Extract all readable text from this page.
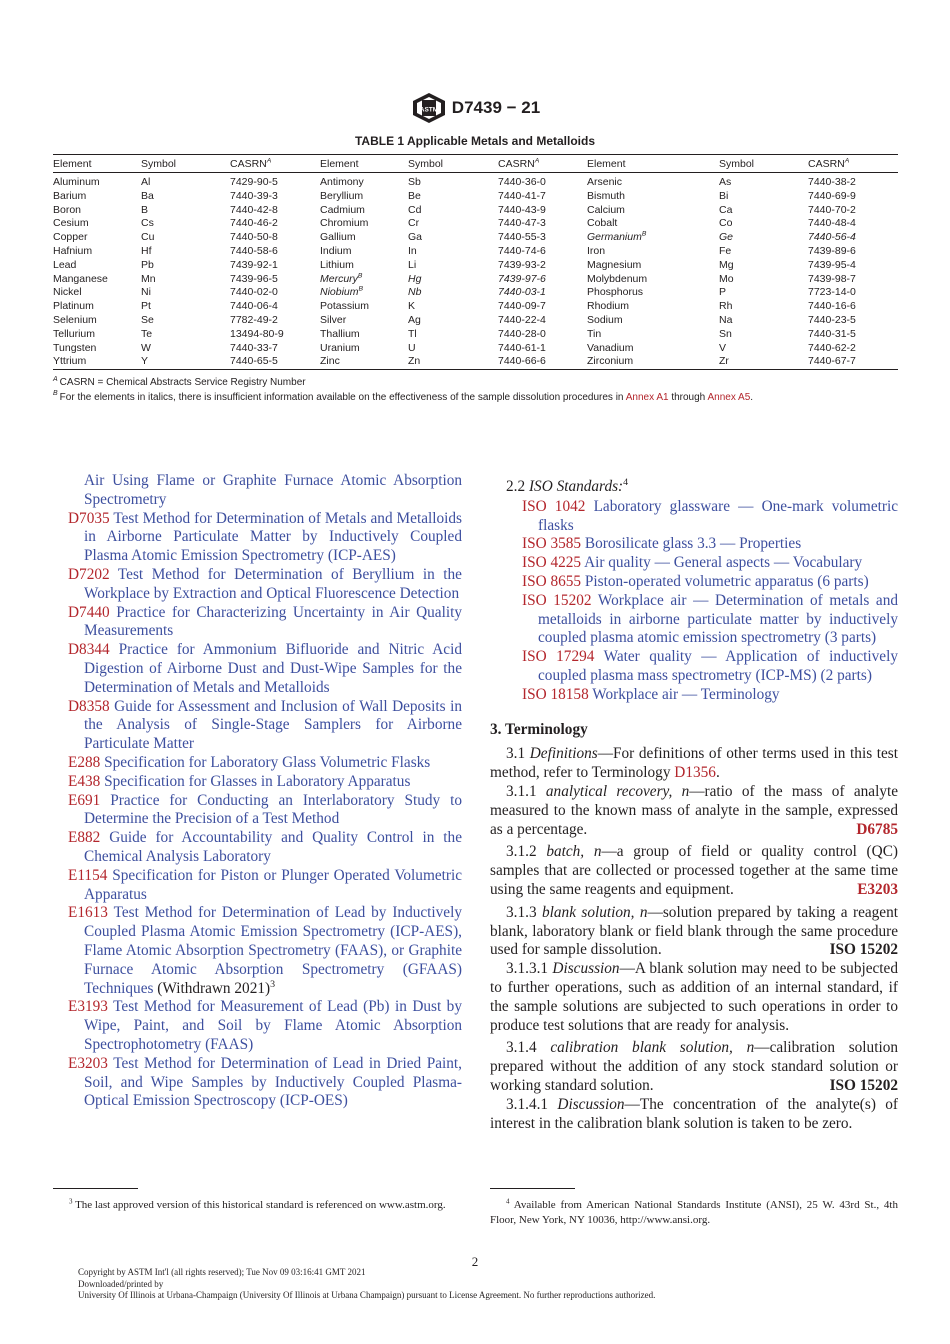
ASTM D7439 − 21
TABLE 1 Applicable Metals and Metalloids
Element	Symbol	$CASRN^A$	Element	Symbol	$CASRN^A$	Element	Symbol	$CASRN^A$
Aluminum	Al	7429-90-5	Antimony	Sb	7440-36-0	Arsenic	As	7440-38-2
Barium	Ba	7440-39-3	Beryllium	Be	7440-41-7	Bismuth	Bi	7440-69-9
Boron	B	7440-42-8	Cadmium	Cd	7440-43-9	Calcium	Ca	7440-70-2
Cesium	Cs	7440-46-2	Chromium	Cr	7440-47-3	Cobalt	Co	7440-48-4
Copper	Cu	7440-50-8	Gallium	Ga	7440-55-3	Germanium$^B$	Ge	7440-56-4
Hafnium	Hf	7440-58-6	Indium	In	7440-74-6	Iron	Fe	7439-89-6
Lead	Pb	7439-92-1	Lithium	Li	7439-93-2	Magnesium	Mg	7439-95-4
Manganese	Mn	7439-96-5	Mercury$^B$	Hg	7439-97-6	Molybdenum	Mo	7439-98-7
Nickel	Ni	7440-02-0	Niobium$^B$	Nb	7440-03-1	Phosphorus	P	7723-14-0
Platinum	Pt	7440-06-4	Potassium	K	7440-09-7	Rhodium	Rh	7440-16-6
Selenium	Se	7782-49-2	Silver	Ag	7440-22-4	Sodium	Na	7440-23-5
Tellurium	Te	13494-80-9	Thallium	Tl	7440-28-0	Tin	Sn	7440-31-5
Tungsten	W	7440-33-7	Uranium	U	7440-61-1	Vanadium	V	7440-62-2
Yttrium	Y	7440-65-5	Zinc	Zn	7440-66-6	Zirconium	Zr	7440-67-7
$^A$ CASRN = Chemical Abstracts Service Registry Number
$^B$ For the elements in italics, there is insufficient information available on the effectiveness of the sample dissolution procedures in Annex A1 through Annex A5.
Air Using Flame or Graphite Furnace Atomic Absorption Spectrometry
D7035 Test Method for Determination of Metals and Metalloids in Airborne Particulate Matter by Inductively Coupled Plasma Atomic Emission Spectrometry (ICP-AES)
D7202 Test Method for Determination of Beryllium in the Workplace by Extraction and Optical Fluorescence Detection
D7440 Practice for Characterizing Uncertainty in Air Quality Measurements
D8344 Practice for Ammonium Bifluoride and Nitric Acid Digestion of Airborne Dust and Dust-Wipe Samples for the Determination of Metals and Metalloids
D8358 Guide for Assessment and Inclusion of Wall Deposits in the Analysis of Single-Stage Samplers for Airborne Particulate Matter
E288 Specification for Laboratory Glass Volumetric Flasks
E438 Specification for Glasses in Laboratory Apparatus
E691 Practice for Conducting an Interlaboratory Study to Determine the Precision of a Test Method
E882 Guide for Accountability and Quality Control in the Chemical Analysis Laboratory
E1154 Specification for Piston or Plunger Operated Volumetric Apparatus
E1613 Test Method for Determination of Lead by Inductively Coupled Plasma Atomic Emission Spectrometry (ICP-AES), Flame Atomic Absorption Spectrometry (FAAS), or Graphite Furnace Atomic Absorption Spectrometry (GFAAS) Techniques (Withdrawn 2021)$^3$
E3193 Test Method for Measurement of Lead (Pb) in Dust by Wipe, Paint, and Soil by Flame Atomic Absorption Spectrophotometry (FAAS)
E3203 Test Method for Determination of Lead in Dried Paint, Soil, and Wipe Samples by Inductively Coupled Plasma-Optical Emission Spectroscopy (ICP-OES)
2.2 ISO Standards:$^4$
ISO 1042 Laboratory glassware — One-mark volumetric flasks
ISO 3585 Borosilicate glass 3.3 — Properties
ISO 4225 Air quality — General aspects — Vocabulary
ISO 8655 Piston-operated volumetric apparatus (6 parts)
ISO 15202 Workplace air — Determination of metals and metalloids in airborne particulate matter by inductively coupled plasma atomic emission spectrometry (3 parts)
ISO 17294 Water quality — Application of inductively coupled plasma mass spectrometry (ICP-MS) (2 parts)
ISO 18158 Workplace air — Terminology
3. Terminology
3.1 Definitions—For definitions of other terms used in this test method, refer to Terminology D1356.
3.1.1 analytical recovery, n—ratio of the mass of analyte measured to the known mass of analyte in the sample, expressed as a percentage.	D6785
3.1.2 batch, n—a group of field or quality control (QC) samples that are collected or processed together at the same time using the same reagents and equipment.	E3203
3.1.3 blank solution, n—solution prepared by taking a reagent blank, laboratory blank or field blank through the same procedure used for sample dissolution.	ISO 15202
3.1.3.1 Discussion—A blank solution may need to be subjected to further operations, such as addition of an internal standard, if the sample solutions are subjected to such operations in order to produce test solutions that are ready for analysis.
3.1.4 calibration blank solution, n—calibration solution prepared without the addition of any stock standard solution or working standard solution.	ISO 15202
3.1.4.1 Discussion—The concentration of the analyte(s) of interest in the calibration blank solution is taken to be zero.
$^3$ The last approved version of this historical standard is referenced on www.astm.org.	$^4$ Available from American National Standards Institute (ANSI), 25 W. 43rd St., 4th Floor, New York, NY 10036, http://www.ansi.org.
2
Copyright by ASTM Int'l (all rights reserved); Tue Nov 09 03:16:41 GMT 2021
Downloaded/printed by
University Of Illinois at Urbana-Champaign (University Of Illinois at Urbana Champaign) pursuant to License Agreement. No further reproductions authorized.
